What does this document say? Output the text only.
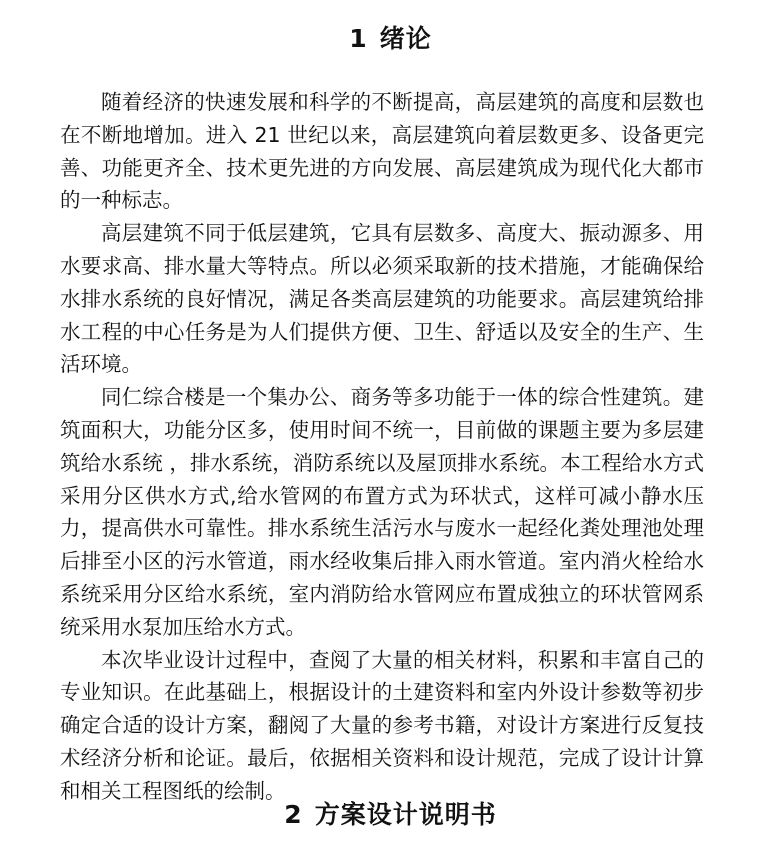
1 绪论

随着经济的快速发展和科学的不断提高，高层建筑的高度和层数也在不断地增加。进入 21 世纪以来，高层建筑向着层数更多、设备更完善、功能更齐全、技术更先进的方向发展、高层建筑成为现代化大都市的一种标志。

高层建筑不同于低层建筑，它具有层数多、高度大、振动源多、用水要求高、排水量大等特点。所以必须采取新的技术措施，才能确保给水排水系统的良好情况，满足各类高层建筑的功能要求。高层建筑给排水工程的中心任务是为人们提供方便、卫生、舒适以及安全的生产、生活环境。

同仁综合楼是一个集办公、商务等多功能于一体的综合性建筑。建筑面积大，功能分区多，使用时间不统一，目前做的课题主要为多层建筑给水系统 ，排水系统，消防系统以及屋顶排水系统。本工程给水方式采用分区供水方式,给水管网的布置方式为环状式，这样可减小静水压力，提高供水可靠性。排水系统生活污水与废水一起经化粪处理池处理后排至小区的污水管道，雨水经收集后排入雨水管道。室内消火栓给水系统采用分区给水系统，室内消防给水管网应布置成独立的环状管网系统采用水泵加压给水方式。

本次毕业设计过程中，查阅了大量的相关材料，积累和丰富自己的专业知识。在此基础上，根据设计的土建资料和室内外设计参数等初步确定合适的设计方案，翻阅了大量的参考书籍，对设计方案进行反复技术经济分析和论证。最后，依据相关资料和设计规范，完成了设计计算和相关工程图纸的绘制。

2 方案设计说明书
